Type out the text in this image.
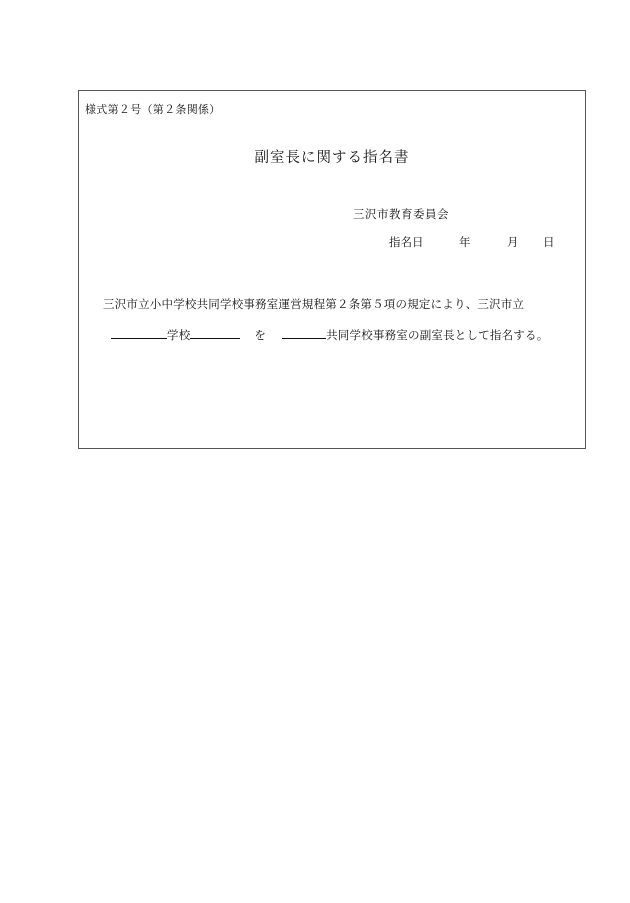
様式第２号（第２条関係）
副室長に関する指名書
三沢市教育委員会
指名日	年	月 日
三沢市立小中学校共同学校事務室運営規程第２条第５項の規定により、三沢市立
学校	を	共同学校事務室の副室長として指名する。
